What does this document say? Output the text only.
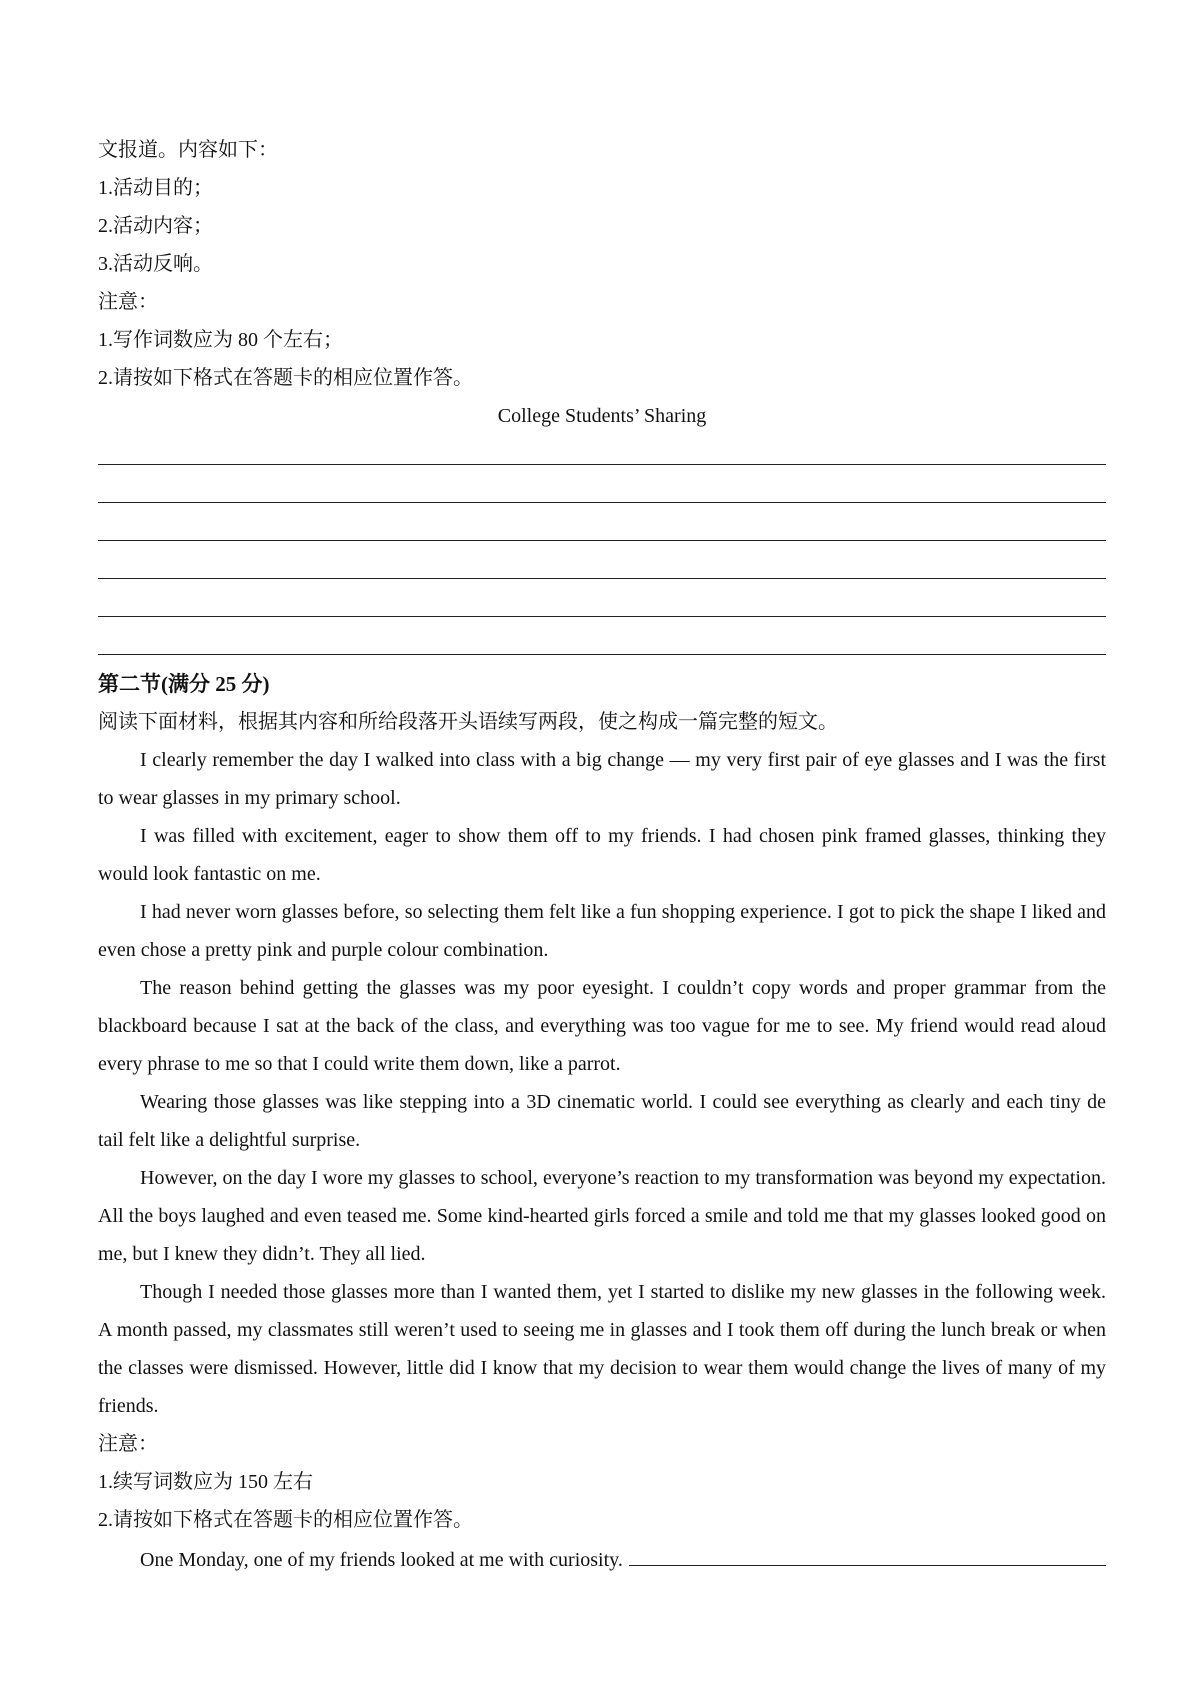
文报道。内容如下：
1.活动目的；
2.活动内容；
3.活动反响。
注意：
1.写作词数应为 80 个左右；
2.请按如下格式在答题卡的相应位置作答。
College Students’ Sharing
第二节(满分 25 分)
阅读下面材料，根据其内容和所给段落开头语续写两段，使之构成一篇完整的短文。
I clearly remember the day I walked into class with a big change — my very first pair of eye glasses and I was the first to wear glasses in my primary school.
I was filled with excitement, eager to show them off to my friends. I had chosen pink framed glasses, thinking they would look fantastic on me.
I had never worn glasses before, so selecting them felt like a fun shopping experience. I got to pick the shape I liked and even chose a pretty pink and purple colour combination.
The reason behind getting the glasses was my poor eyesight. I couldn’t copy words and proper grammar from the blackboard because I sat at the back of the class, and everything was too vague for me to see. My friend would read aloud every phrase to me so that I could write them down, like a parrot.
Wearing those glasses was like stepping into a 3D cinematic world. I could see everything as clearly and each tiny de tail felt like a delightful surprise.
However, on the day I wore my glasses to school, everyone’s reaction to my transformation was beyond my expectation. All the boys laughed and even teased me. Some kind-hearted girls forced a smile and told me that my glasses looked good on me, but I knew they didn’t. They all lied.
Though I needed those glasses more than I wanted them, yet I started to dislike my new glasses in the following week. A month passed, my classmates still weren’t used to seeing me in glasses and I took them off during the lunch break or when the classes were dismissed. However, little did I know that my decision to wear them would change the lives of many of my friends.
注意：
1.续写词数应为 150 左右
2.请按如下格式在答题卡的相应位置作答。
One Monday, one of my friends looked at me with curiosity.
